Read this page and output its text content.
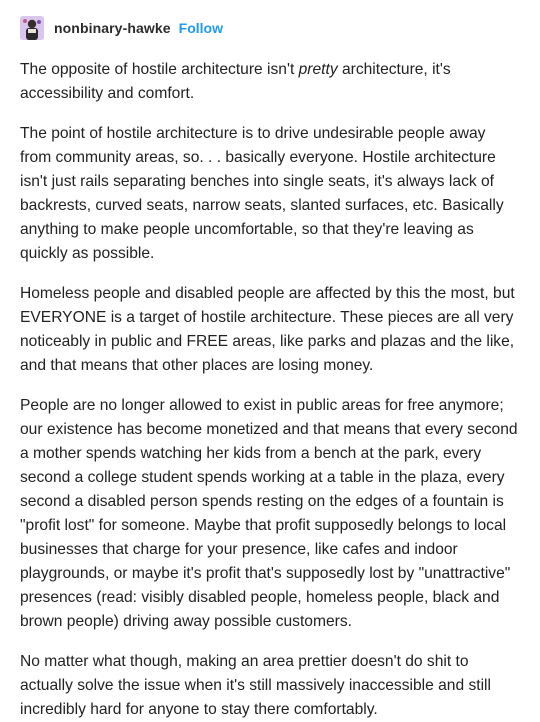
nonbinary-hawke Follow

The opposite of hostile architecture isn't pretty architecture, it's accessibility and comfort.

The point of hostile architecture is to drive undesirable people away from community areas, so. . . basically everyone. Hostile architecture isn't just rails separating benches into single seats, it's always lack of backrests, curved seats, narrow seats, slanted surfaces, etc. Basically anything to make people uncomfortable, so that they're leaving as quickly as possible.

Homeless people and disabled people are affected by this the most, but EVERYONE is a target of hostile architecture. These pieces are all very noticeably in public and FREE areas, like parks and plazas and the like, and that means that other places are losing money.

People are no longer allowed to exist in public areas for free anymore; our existence has become monetized and that means that every second a mother spends watching her kids from a bench at the park, every second a college student spends working at a table in the plaza, every second a disabled person spends resting on the edges of a fountain is "profit lost" for someone. Maybe that profit supposedly belongs to local businesses that charge for your presence, like cafes and indoor playgrounds, or maybe it's profit that's supposedly lost by "unattractive" presences (read: visibly disabled people, homeless people, black and brown people) driving away possible customers.

No matter what though, making an area prettier doesn't do shit to actually solve the issue when it's still massively inaccessible and still incredibly hard for anyone to stay there comfortably.
